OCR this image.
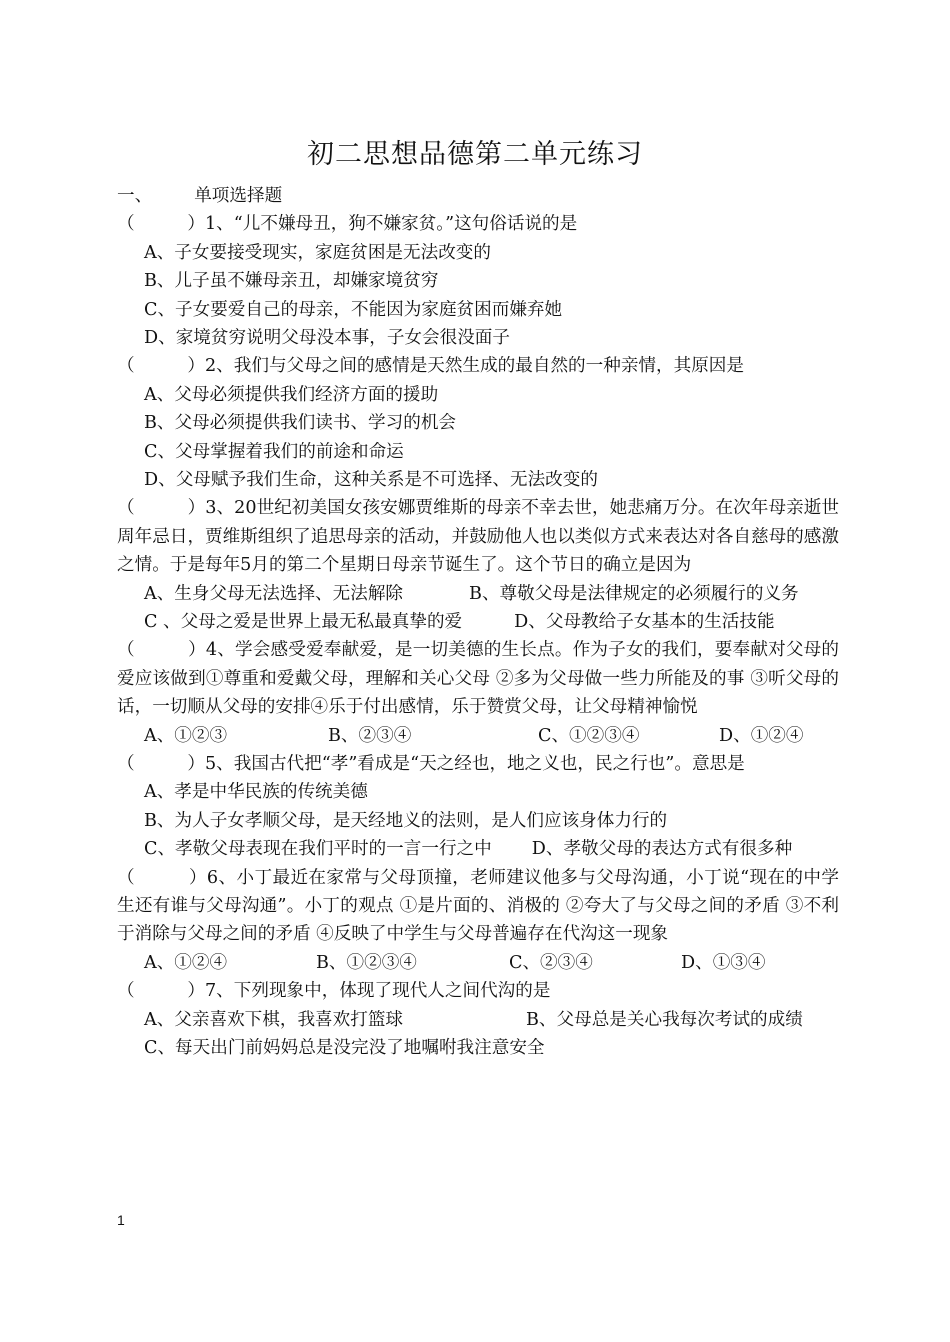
初二思想品德第二单元练习
一、 单项选择题
（　　　）1、“儿不嫌母丑，狗不嫌家贫。”这句俗话说的是
A、子女要接受现实，家庭贫困是无法改变的
B、儿子虽不嫌母亲丑，却嫌家境贫穷
C、子女要爱自己的母亲，不能因为家庭贫困而嫌弃她
D、家境贫穷说明父母没本事，子女会很没面子
（　　　）2、我们与父母之间的感情是天然生成的最自然的一种亲情，其原因是
A、父母必须提供我们经济方面的援助
B、父母必须提供我们读书、学习的机会
C、父母掌握着我们的前途和命运
D、父母赋予我们生命，这种关系是不可选择、无法改变的
（　　　）3、20世纪初美国女孩安娜贾维斯的母亲不幸去世，她悲痛万分。在次年母亲逝世周年忌日，贾维斯组织了追思母亲的活动，并鼓励他人也以类似方式来表达对各自慈母的感激之情。于是每年5月的第二个星期日母亲节诞生了。这个节日的确立是因为
A、生身父母无法选择、无法解除	B、尊敬父母是法律规定的必须履行的义务
C 、父母之爱是世界上最无私最真挚的爱	D、父母教给子女基本的生活技能
（　　　）4、学会感受爱奉献爱，是一切美德的生长点。作为子女的我们，要奉献对父母的爱应该做到①尊重和爱戴父母，理解和关心父母 ②多为父母做一些力所能及的事 ③听父母的话，一切顺从父母的安排④乐于付出感情，乐于赞赏父母，让父母精神愉悦
A、①②③	B、②③④	C、①②③④	D、①②④
（　　　）5、我国古代把“孝”看成是“天之经也，地之义也，民之行也”。意思是
A、孝是中华民族的传统美德
B、为人子女孝顺父母，是天经地义的法则，是人们应该身体力行的
C、孝敬父母表现在我们平时的一言一行之中 D、孝敬父母的表达方式有很多种
（　　　）6、小丁最近在家常与父母顶撞，老师建议他多与父母沟通，小丁说“现在的中学生还有谁与父母沟通”。小丁的观点 ①是片面的、消极的 ②夸大了与父母之间的矛盾 ③不利于消除与父母之间的矛盾 ④反映了中学生与父母普遍存在代沟这一现象
A、①②④	B、①②③④	C、②③④	D、①③④
（　　　）7、下列现象中，体现了现代人之间代沟的是
A、父亲喜欢下棋，我喜欢打篮球	B、父母总是关心我每次考试的成绩
C、每天出门前妈妈总是没完没了地嘱咐我注意安全
1
